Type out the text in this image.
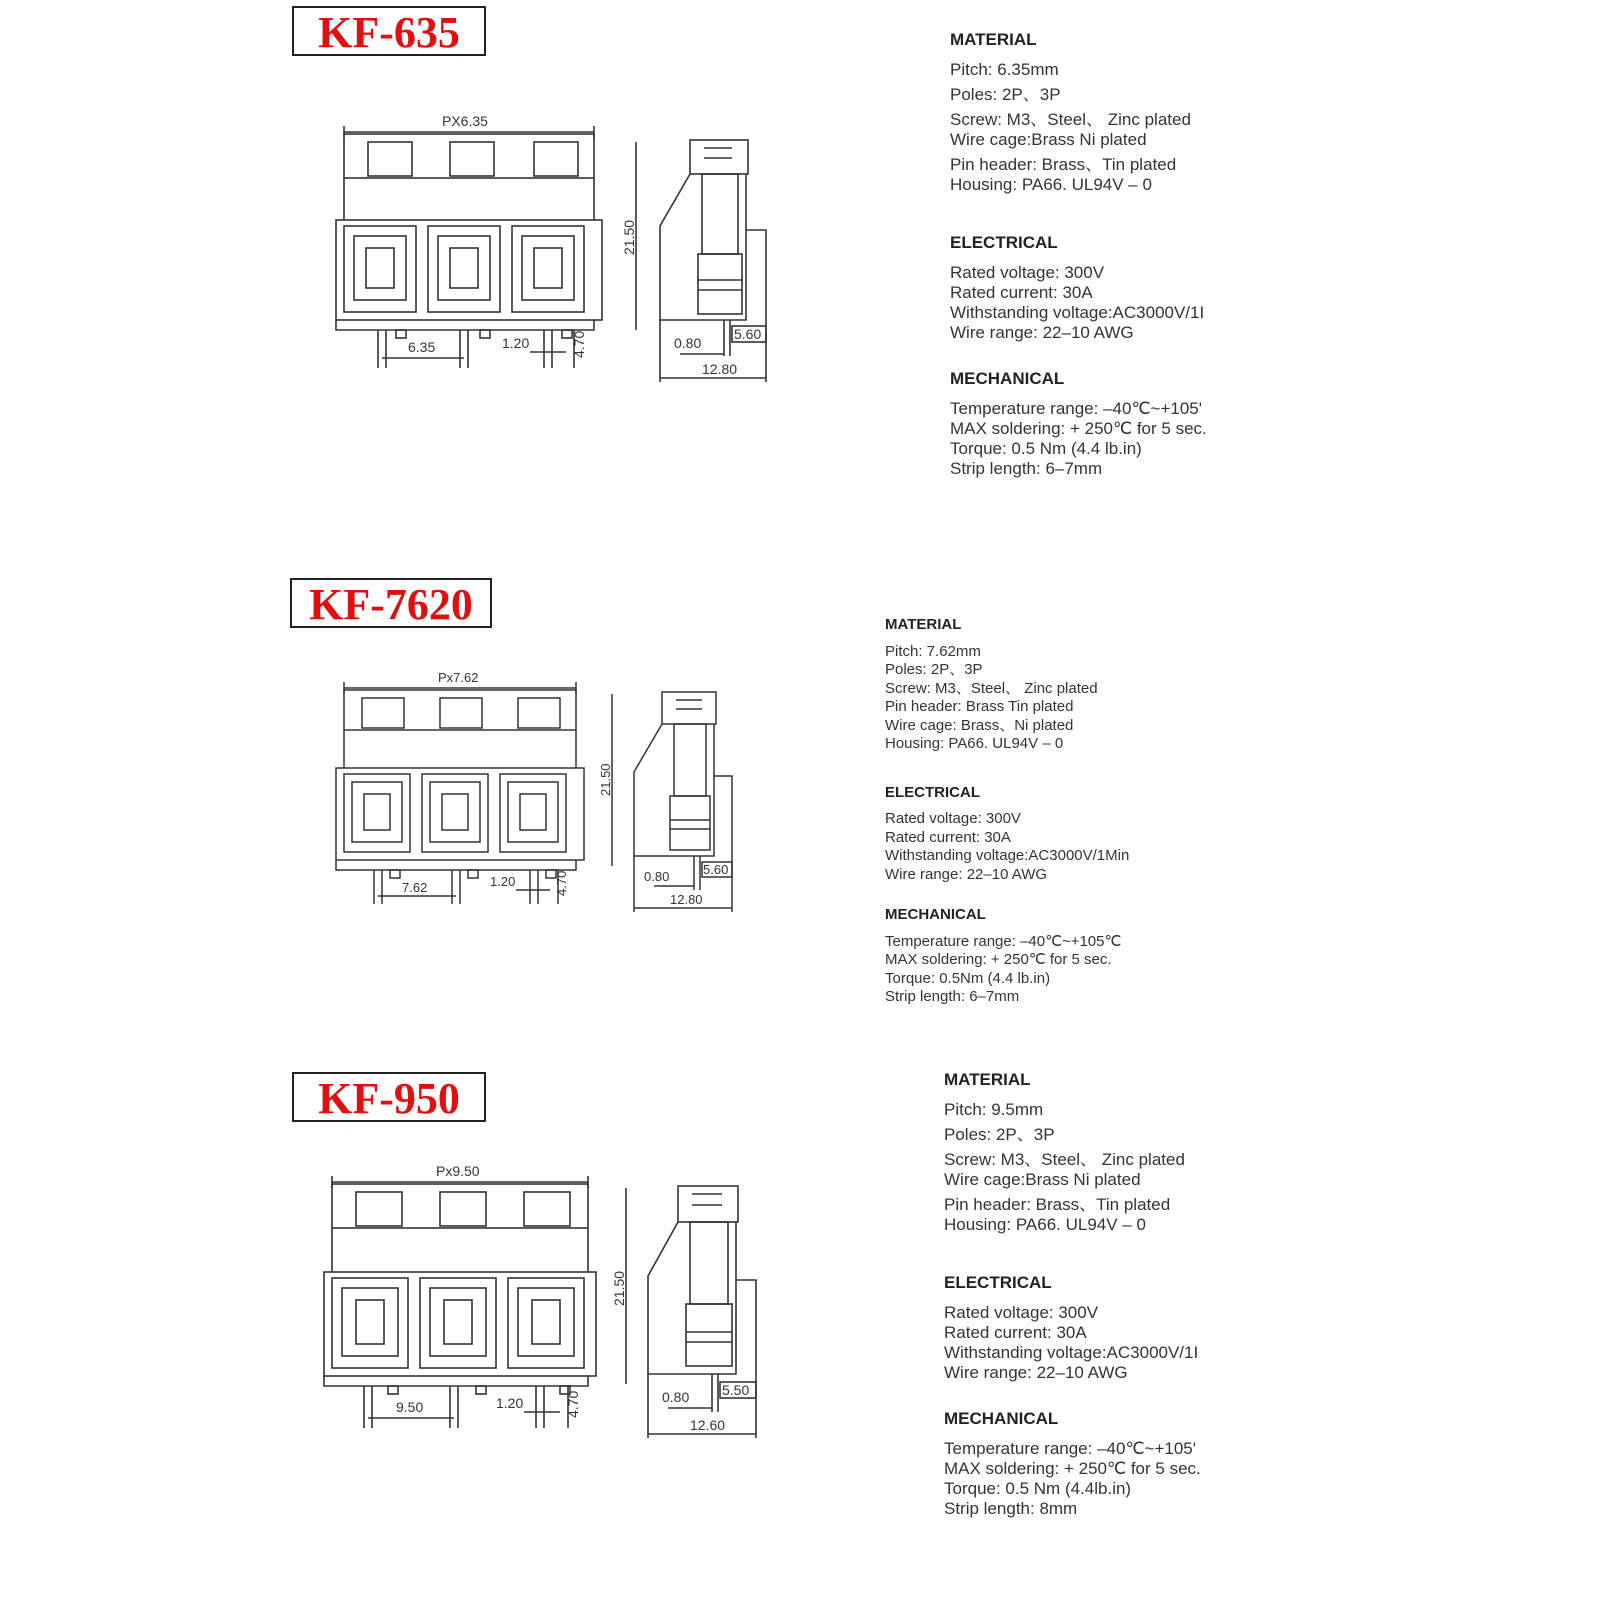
KF-635
PX6.35
6.35	1.20	4.70
21.50
12.80
0.80
5.60

MATERIAL

Pitch: 6.35mm

Poles: 2P、3P

Screw: M3、Steel、 Zinc plated

Wire cage:Brass Ni plated

Pin header: Brass、Tin plated

Housing: PA66. UL94V – 0

ELECTRICAL

Rated voltage: 300V

Rated current: 30A

Withstanding voltage:AC3000V/1I

Wire range: 22–10 AWG

MECHANICAL

Temperature range: –40℃~+105'

MAX soldering: + 250℃ for 5 sec.

Torque: 0.5 Nm (4.4 lb.in)

Strip length: 6–7mm

KF-7620
Px7.62
7.62	1.20	4.70
21.50
12.80
0.80	5.60

MATERIAL

Pitch: 7.62mm

Poles: 2P、3P

Screw: M3、Steel、 Zinc plated

Pin header: Brass Tin plated

Wire cage: Brass、Ni plated

Housing: PA66. UL94V – 0

ELECTRICAL

Rated voltage: 300V

Rated current: 30A

Withstanding voltage:AC3000V/1Min

Wire range: 22–10 AWG

MECHANICAL

Temperature range: –40℃~+105℃

MAX soldering: + 250℃ for 5 sec.

Torque: 0.5Nm (4.4 lb.in)

Strip length: 6–7mm

KF-950
Px9.50
9.50	1.20	4.70
21.50
12.60
0.80 5.50

MATERIAL

Pitch: 9.5mm

Poles: 2P、3P

Screw: M3、Steel、 Zinc plated

Wire cage:Brass Ni plated

Pin header: Brass、Tin plated

Housing: PA66. UL94V – 0

ELECTRICAL

Rated voltage: 300V

Rated current: 30A

Withstanding voltage:AC3000V/1I

Wire range: 22–10 AWG

MECHANICAL

Temperature range: –40℃~+105'

MAX soldering: + 250℃ for 5 sec.

Torque: 0.5 Nm (4.4lb.in)

Strip length: 8mm
